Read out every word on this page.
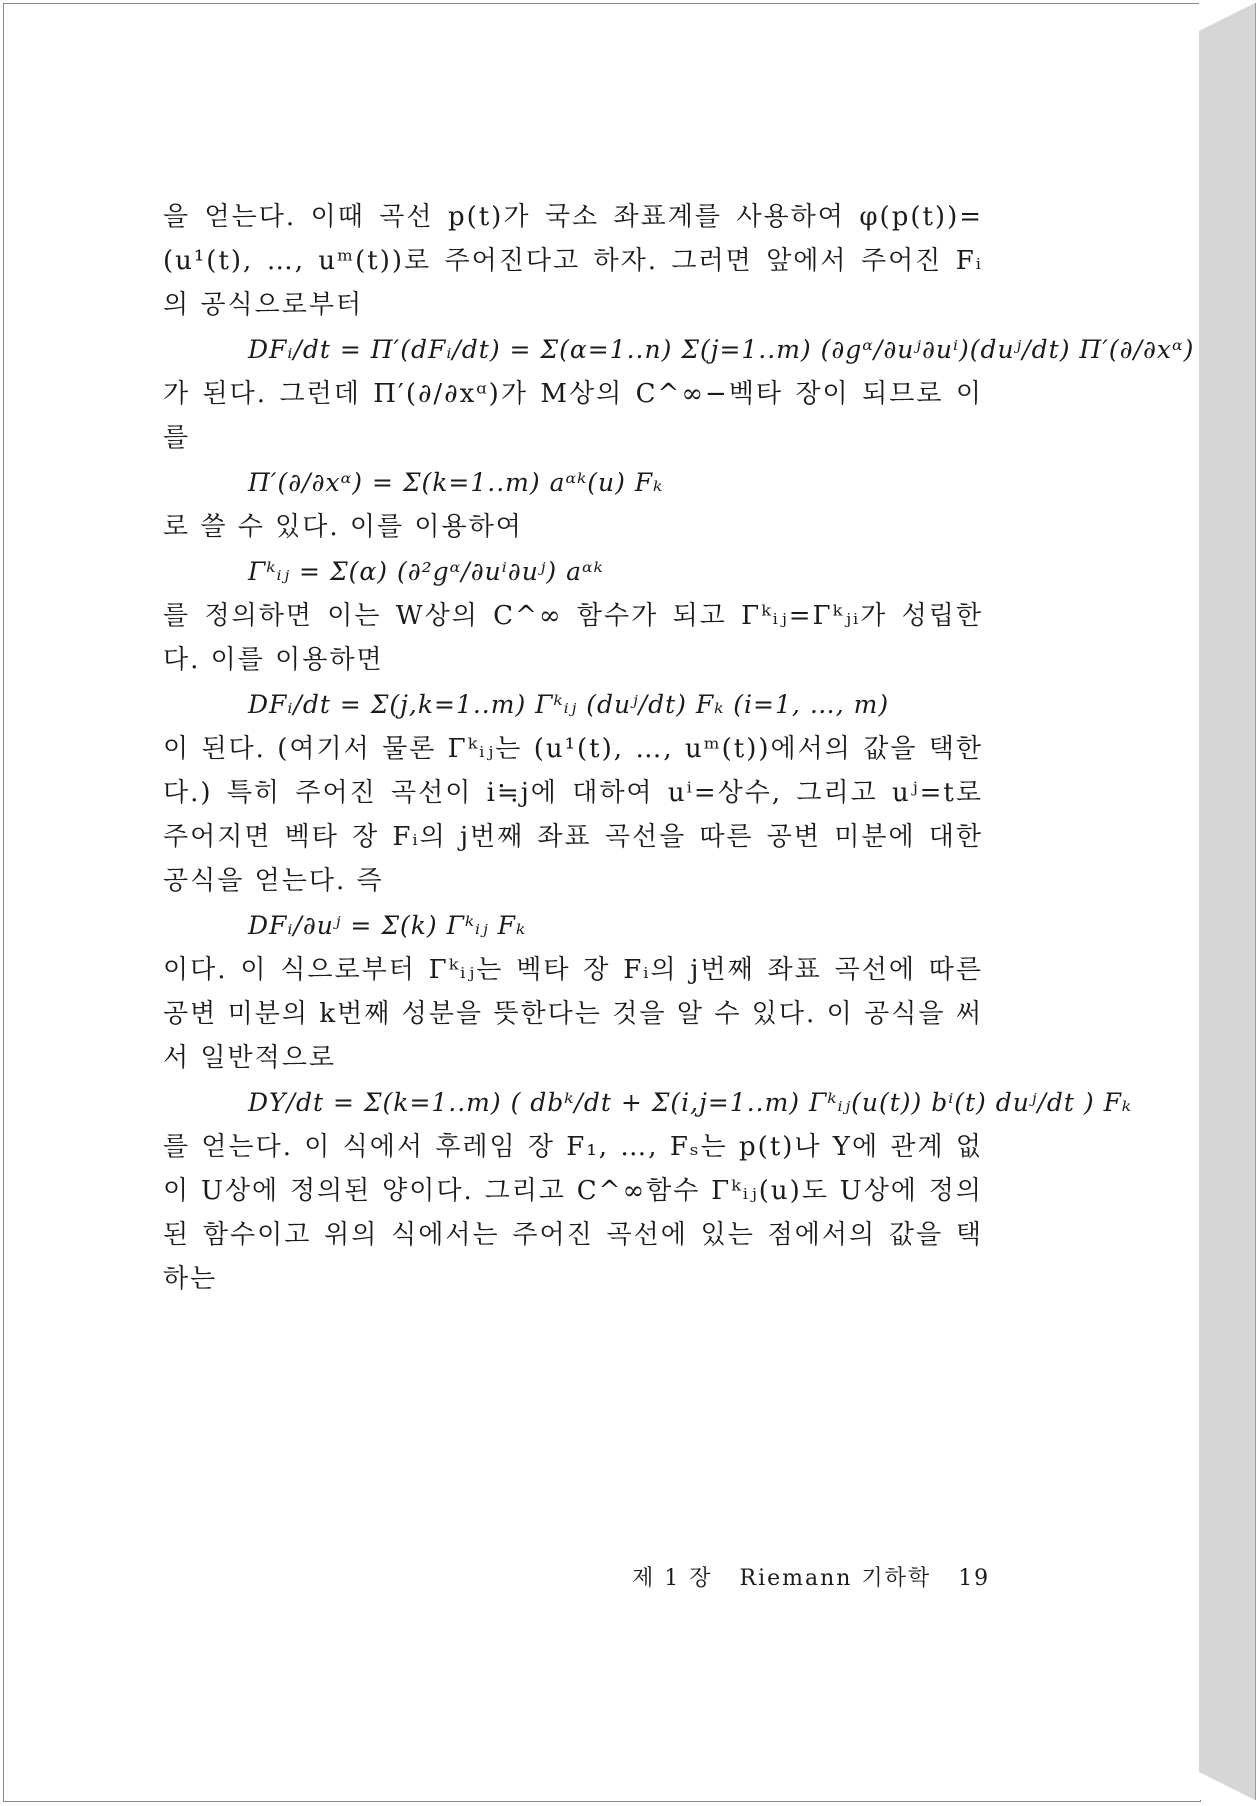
을 얻는다. 이때 곡선 p(t)가 국소 좌표계를 사용하여 φ(p(t))=(u¹(t), …, uᵐ(t))로 주어진다고 하자. 그러면 앞에서 주어진 Fᵢ의 공식으로부터

DFᵢ/dt = Π′(dFᵢ/dt) = Σ(α=1..n) Σ(j=1..m) (∂gᵅ/∂uʲ∂uⁱ)(duʲ/dt) Π′(∂/∂xᵅ)

가 된다. 그런데 Π′(∂/∂xᵅ)가 M상의 C^∞−벡타 장이 되므로 이를

Π′(∂/∂xᵅ) = Σ(k=1..m) aᵅᵏ(u) Fₖ

로 쓸 수 있다. 이를 이용하여

Γᵏᵢⱼ = Σ(α) (∂²gᵅ/∂uⁱ∂uʲ) aᵅᵏ

를 정의하면 이는 W상의 C^∞ 함수가 되고 Γᵏᵢⱼ=Γᵏⱼᵢ가 성립한다. 이를 이용하면

DFᵢ/dt = Σ(j,k=1..m) Γᵏᵢⱼ (duʲ/dt) Fₖ (i=1, …, m)

이 된다. (여기서 물론 Γᵏᵢⱼ는 (u¹(t), …, uᵐ(t))에서의 값을 택한다.) 특히 주어진 곡선이 i≒j에 대하여 uⁱ=상수, 그리고 uʲ=t로 주어지면 벡타 장 Fᵢ의 j번째 좌표 곡선을 따른 공변 미분에 대한 공식을 얻는다. 즉

DFᵢ/∂uʲ = Σ(k) Γᵏᵢⱼ Fₖ

이다. 이 식으로부터 Γᵏᵢⱼ는 벡타 장 Fᵢ의 j번째 좌표 곡선에 따른 공변 미분의 k번째 성분을 뜻한다는 것을 알 수 있다. 이 공식을 써서 일반적으로

DY/dt = Σ(k=1..m) ( dbᵏ/dt + Σ(i,j=1..m) Γᵏᵢⱼ(u(t)) bⁱ(t) duʲ/dt ) Fₖ

를 얻는다. 이 식에서 후레임 장 F₁, …, Fₛ는 p(t)나 Y에 관계 없이 U상에 정의된 양이다. 그리고 C^∞함수 Γᵏᵢⱼ(u)도 U상에 정의된 함수이고 위의 식에서는 주어진 곡선에 있는 점에서의 값을 택하는

제 1 장 Riemann 기하학 19
